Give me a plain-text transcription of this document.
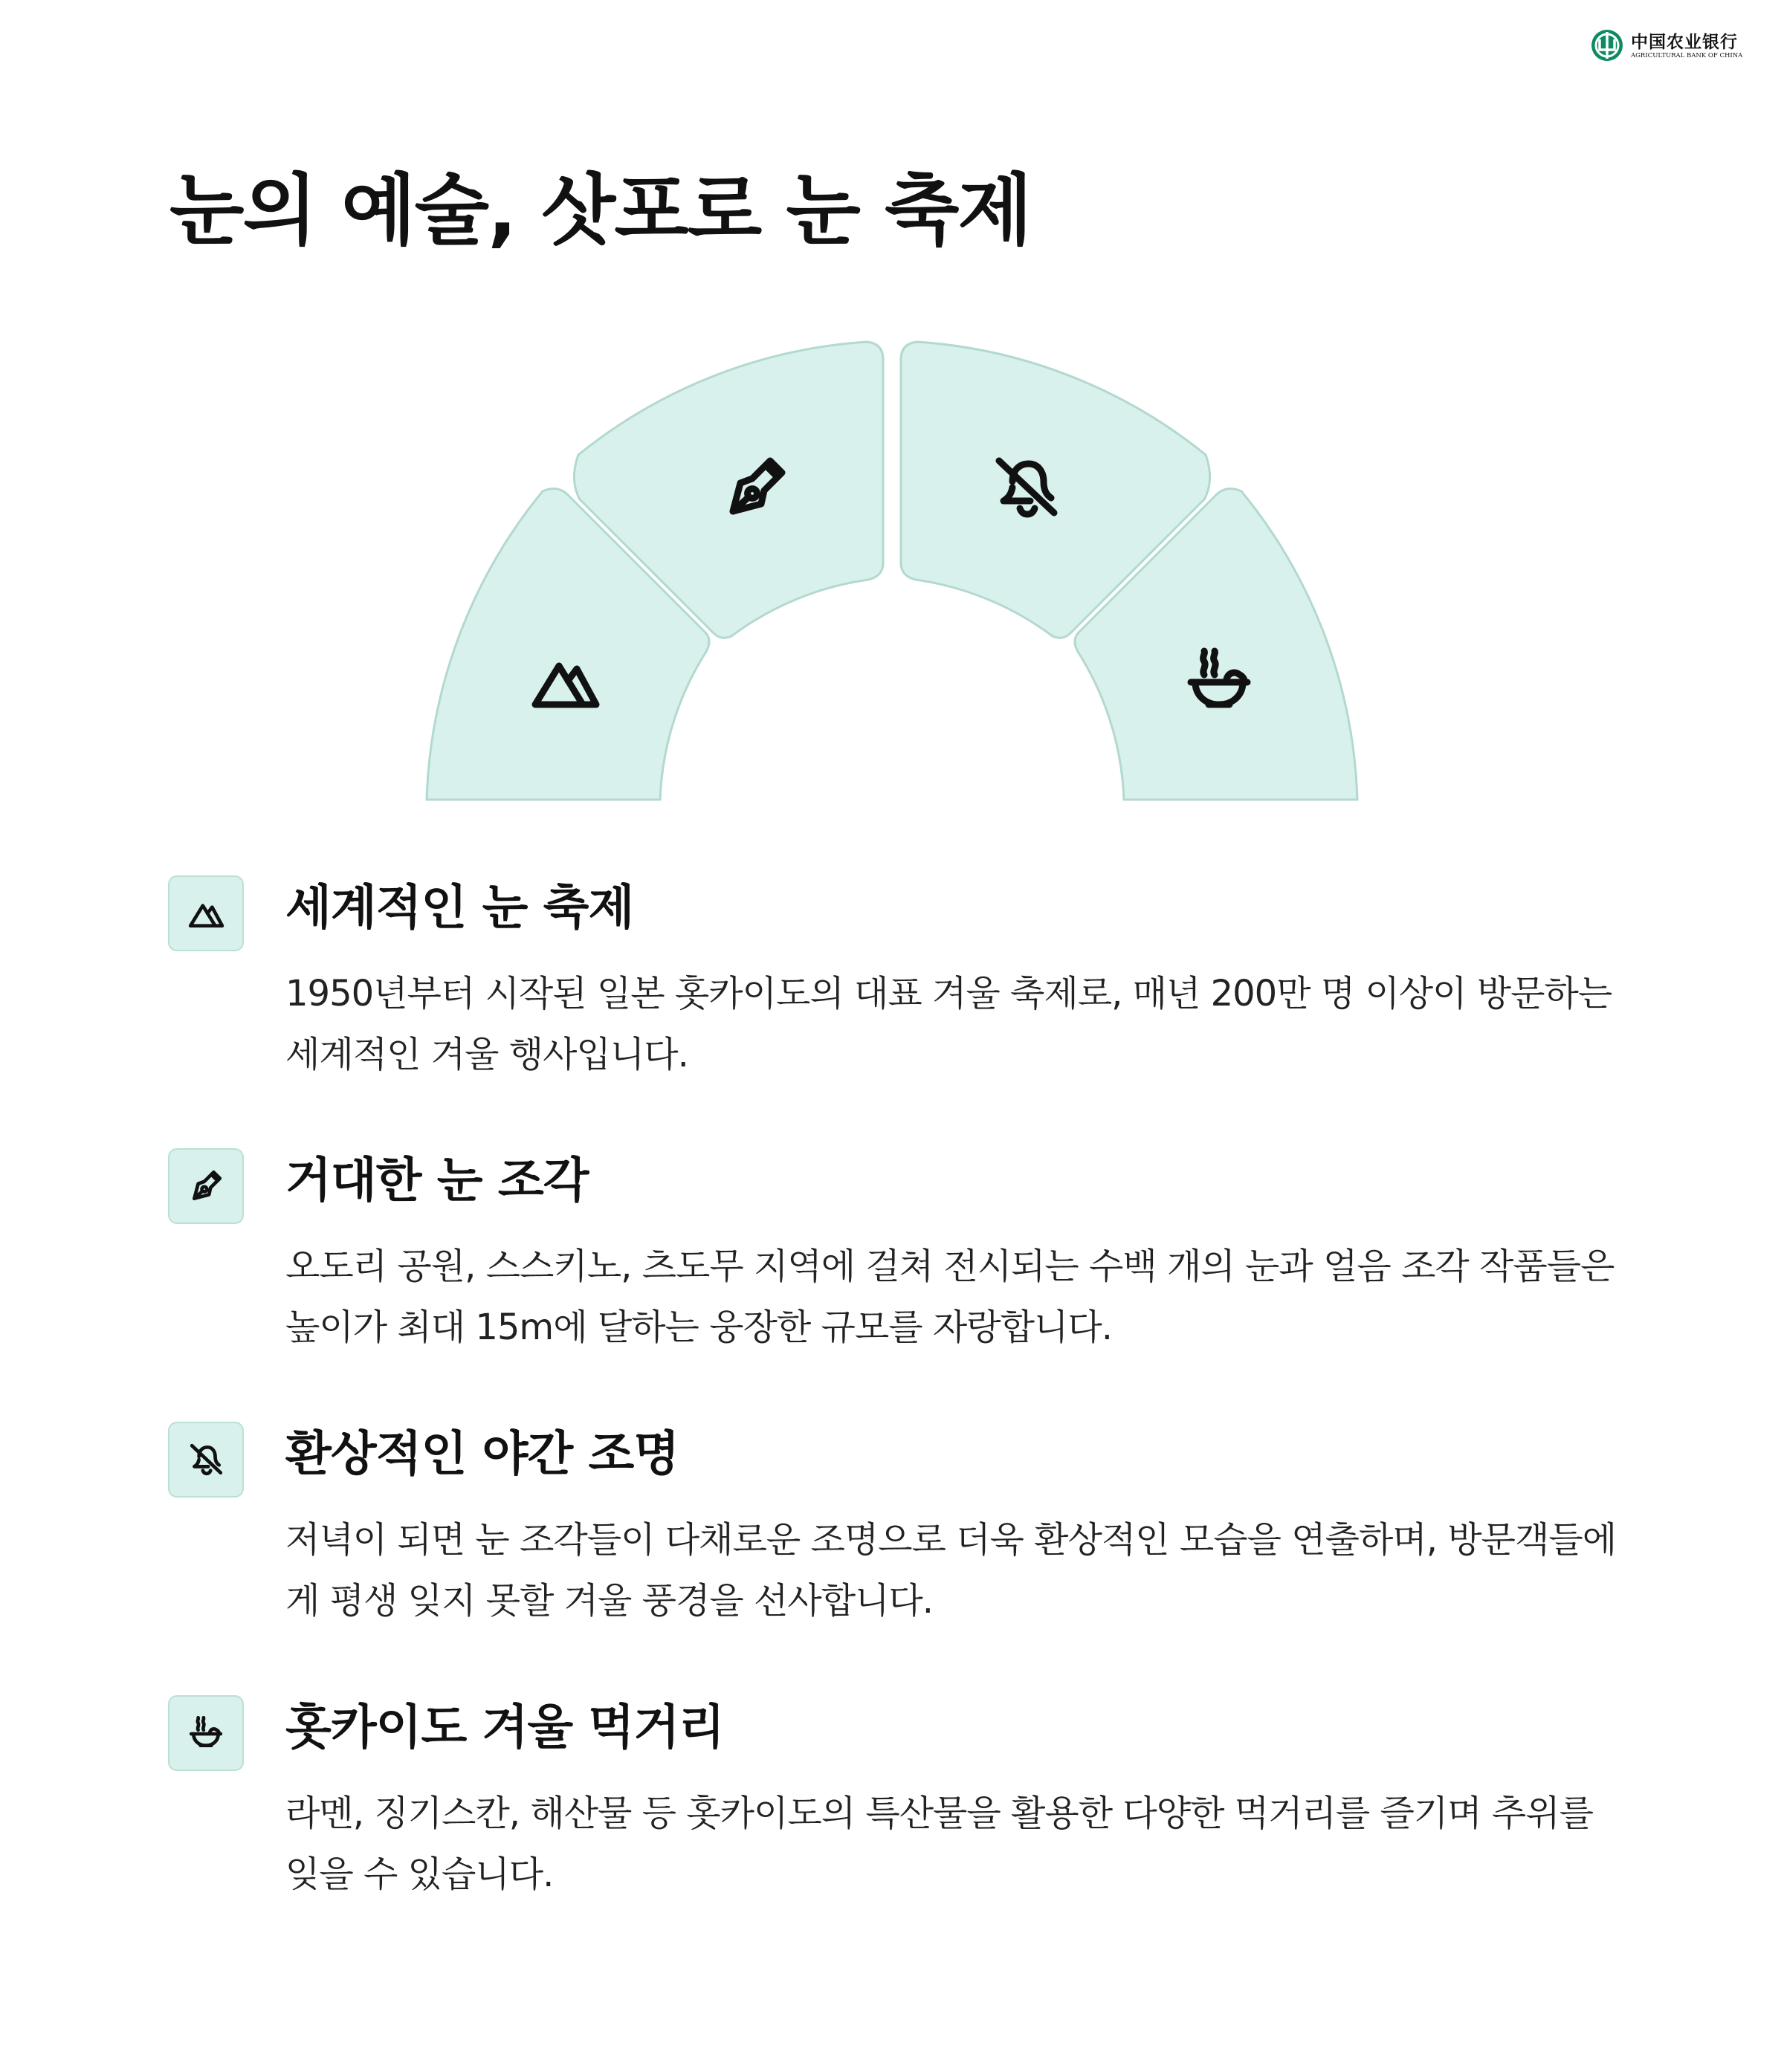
中国农业银行
AGRICULTURAL BANK OF CHINA
눈의 예술, 삿포로 눈 축제
세계적인 눈 축제

1950년부터 시작된 일본 홋카이도의 대표 겨울 축제로, 매년 200만 명 이상이 방문하는 세계적인 겨울 행사입니다.

거대한 눈 조각

오도리 공원, 스스키노, 츠도무 지역에 걸쳐 전시되는 수백 개의 눈과 얼음 조각 작품들은 높이가 최대 15m에 달하는 웅장한 규모를 자랑합니다.

환상적인 야간 조명

저녁이 되면 눈 조각들이 다채로운 조명으로 더욱 환상적인 모습을 연출하며, 방문객들에게 평생 잊지 못할 겨울 풍경을 선사합니다.

홋카이도 겨울 먹거리

라멘, 징기스칸, 해산물 등 홋카이도의 특산물을 활용한 다양한 먹거리를 즐기며 추위를 잊을 수 있습니다.
